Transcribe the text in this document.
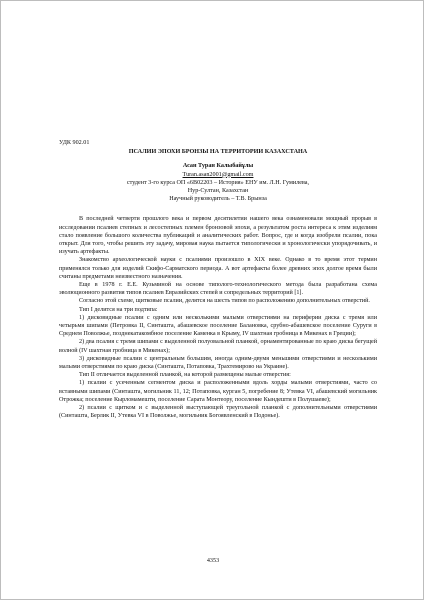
УДК 902.01
ПСАЛИИ ЭПОХИ БРОНЗЫ НА ТЕРРИТОРИИ КАЗАХСТАНА
Асан Туран Калыбайұлы
Turan.asan2001@gmail.com
студент 3-го курса ОП «6В02203 – История» ЕНУ им. Л.Н. Гумилева,
Нур-Султан, Казахстан
Научный руководитель – Т.В. Брынза

В последней четверти прошлого века и первом десятилетии нашего века ознаменовали мощный прорыв в исследовании псалиев степных и лесостепных племен бронзовой эпохи, а результатом роста интереса к этим изделиям стало появление большого количества публикаций и аналитических работ. Вопрос, где и когда изобрели псалии, пока открыт. Для того, чтобы решить эту задачу, мировая наука пытается типологически и хронологически упорядочивать, и изучать артефакты.

Знакомство археологической науки с псалиями произошло в XIX веке. Однако в то время этот термин применялся только для изделий Скифо-Сарматского периода. А вот артефакты более древних эпох долгое время были считаны предметами неизвестного назначения.

Еще в 1978 г. Е.Е. Кузьминой на основе типолого-технологического метода была разработана схема эволюционного развития типов псалиев Евразийских степей и сопредельных территорий [1].

Согласно этой схеме, щитковые псалии, делятся на шесть типов по расположению дополнительных отверстий.

Тип I делится на три подтипа:

1) дисковидные псалии с одним или несколькими малыми отверстиями на периферии диска с тремя или четырьмя шипами (Петровка II, Синташта, абашевское поселение Балановка, срубно-абашевское поселение Суруги в Среднем Поволжье, позднекатакомбное поселение Каменка в Крыму, IV шахтная гробница в Микенах в Греции);

2) два псалия с тремя шипами с выделенной полуовальной планкой, орнаментированные по краю диска бегущей волной (IV шахтная гробница в Микенах);

3) дисковидные псалии с центральным большим, иногда одним-двумя меньшими отверстиями и несколькими малыми отверстиями по краю диска (Синташта, Потаповка, Трахтемирово на Украине).

Тип II отличается выделенной планкой, на которой размещены малые отверстия:

1) псалии с усеченным сегментом диска и расположенными вдоль хорды малыми отверстиями, часто со вставными шипами (Синташта, могильник 11, 12; Потаповка, курган 5, погребение 8; Утевка VI, абашевский могильник Отрожка; поселение Кырломамешти, поселение Сарата Монтеору, поселение Кындешти в Полушаеве);

2) псалии с щитком и с выделенной выступающей треугольной планкой с дополнительными отверстиями (Синташта, Берлик II, Утевка VI в Поволжье, могильник Богоявленский в Подонье).

4353
